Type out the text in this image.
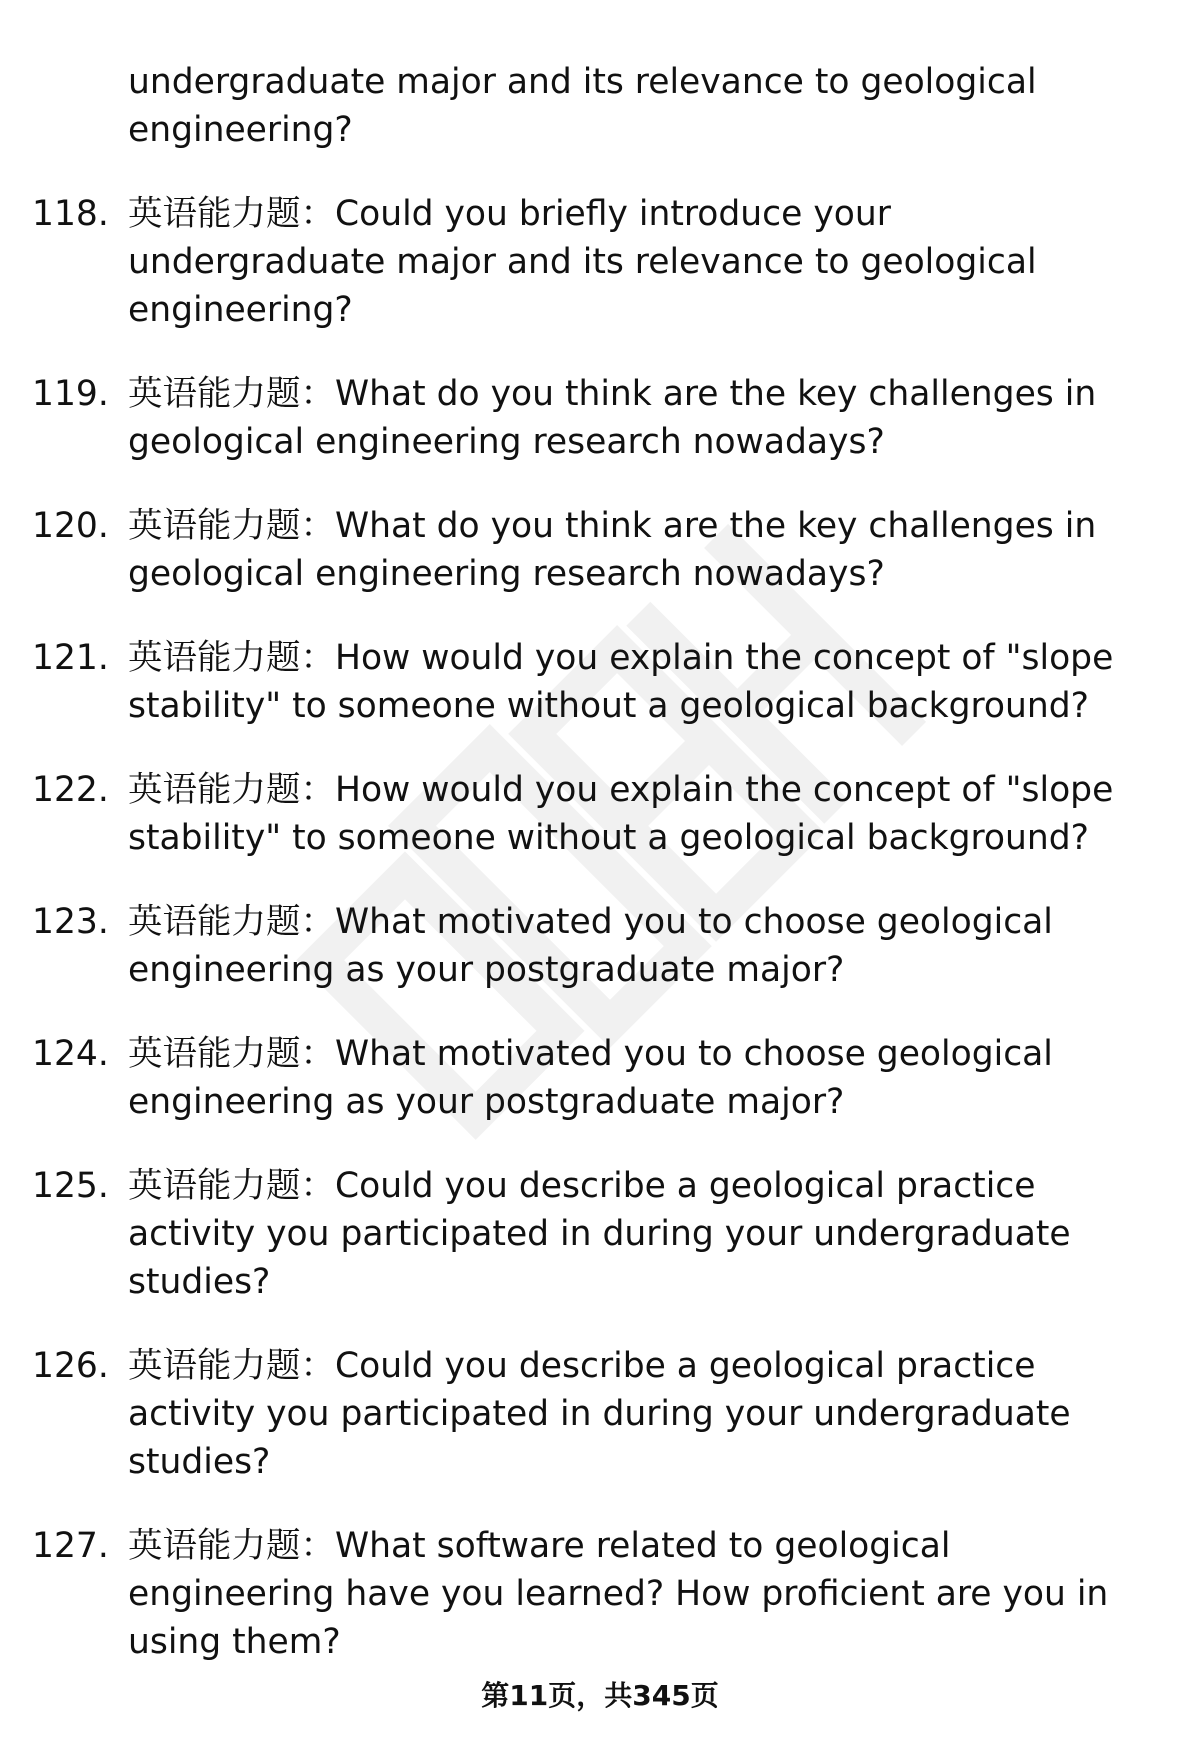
undergraduate major and its relevance to geological engineering?
118. 英语能力题：Could you briefly introduce your undergraduate major and its relevance to geological engineering?
119. 英语能力题：What do you think are the key challenges in geological engineering research nowadays?
120. 英语能力题：What do you think are the key challenges in geological engineering research nowadays?
121. 英语能力题：How would you explain the concept of "slope stability" to someone without a geological background?
122. 英语能力题：How would you explain the concept of "slope stability" to someone without a geological background?
123. 英语能力题：What motivated you to choose geological engineering as your postgraduate major?
124. 英语能力题：What motivated you to choose geological engineering as your postgraduate major?
125. 英语能力题：Could you describe a geological practice activity you participated in during your undergraduate studies?
126. 英语能力题：Could you describe a geological practice activity you participated in during your undergraduate studies?
127. 英语能力题：What software related to geological engineering have you learned? How proficient are you in using them?
第11页，共345页
